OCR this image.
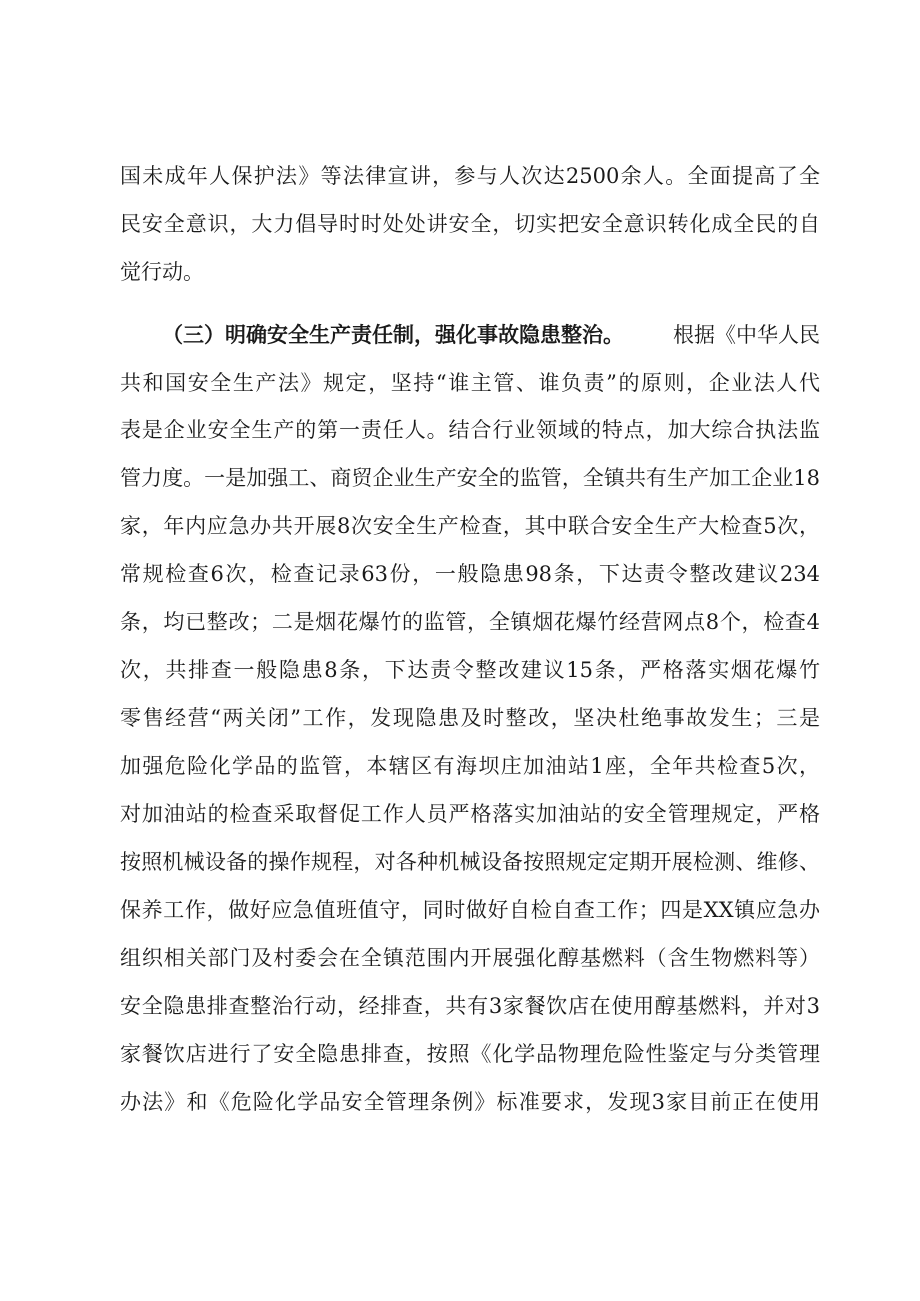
国未成年人保护法》等法律宣讲，参与人次达2500余人。全面提高了全
民安全意识，大力倡导时时处处讲安全，切实把安全意识转化成全民的自
觉行动。
（三）明确安全生产责任制，强化事故隐患整治。 根据《中华人民
共和国安全生产法》规定，坚持“谁主管、谁负责”的原则，企业法人代
表是企业安全生产的第一责任人。结合行业领域的特点，加大综合执法监
管力度。一是加强工、商贸企业生产安全的监管，全镇共有生产加工企业18
家，年内应急办共开展8次安全生产检查，其中联合安全生产大检查5次，
常规检查6次，检查记录63份，一般隐患98条，下达责令整改建议234
条，均已整改；二是烟花爆竹的监管，全镇烟花爆竹经营网点8个，检查4
次，共排查一般隐患8条，下达责令整改建议15条，严格落实烟花爆竹
零售经营“两关闭”工作，发现隐患及时整改，坚决杜绝事故发生；三是
加强危险化学品的监管，本辖区有海坝庄加油站1座，全年共检查5次，
对加油站的检查采取督促工作人员严格落实加油站的安全管理规定，严格
按照机械设备的操作规程，对各种机械设备按照规定定期开展检测、维修、
保养工作，做好应急值班值守，同时做好自检自查工作；四是XX镇应急办
组织相关部门及村委会在全镇范围内开展强化醇基燃料（含生物燃料等）
安全隐患排查整治行动，经排查，共有3家餐饮店在使用醇基燃料，并对3
家餐饮店进行了安全隐患排查，按照《化学品物理危险性鉴定与分类管理
办法》和《危险化学品安全管理条例》标准要求，发现3家目前正在使用
